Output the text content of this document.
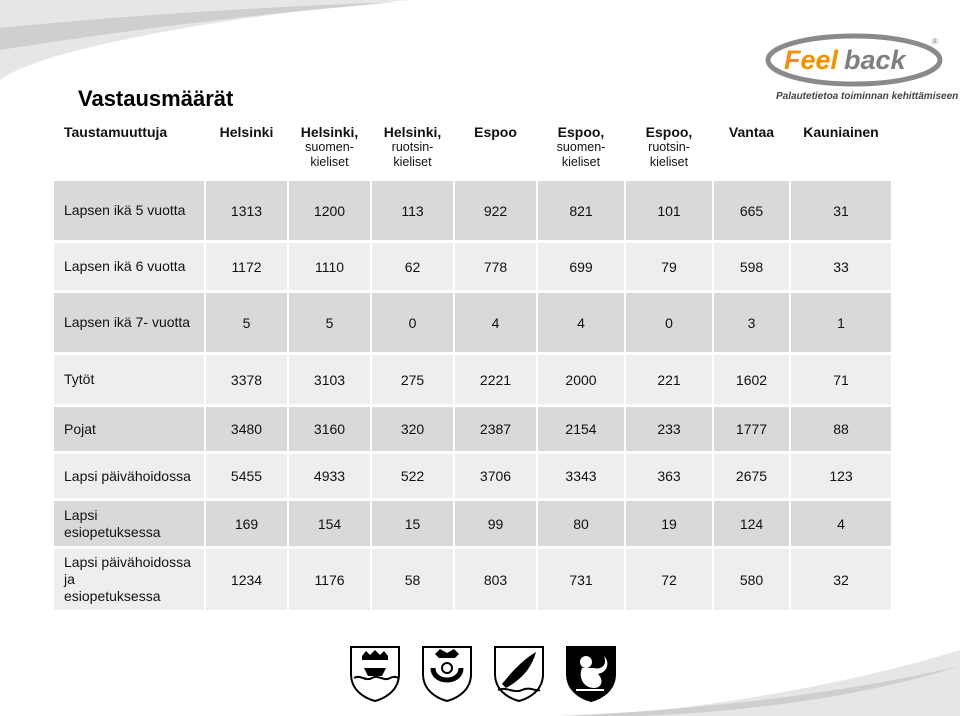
Feel back
®
Palautetietoa toiminnan kehittämiseen
Vastausmäärät
Taustamuuttuja	Helsinki	Helsinki,
suomen-
kieliset	Helsinki,
ruotsin-
kieliset	Espoo	Espoo,
suomen-
kieliset	Espoo,
ruotsin-
kieliset	Vantaa	Kauniainen
Lapsen ikä 5 vuotta	1313	1200	113	922	821	101	665	31
Lapsen ikä 6 vuotta	1172	1110	62	778	699	79	598	33
Lapsen ikä 7- vuotta	5	5	0	4	4	0	3	1
Tytöt	3378	3103	275	2221	2000	221	1602	71
Pojat	3480	3160	320	2387	2154	233	1777	88
Lapsi päivähoidossa	5455	4933	522	3706	3343	363	2675	123
Lapsi
esiopetuksessa	169	154	15	99	80	19	124	4
Lapsi päivähoidossa
ja
esiopetuksessa	1234	1176	58	803	731	72	580	32
